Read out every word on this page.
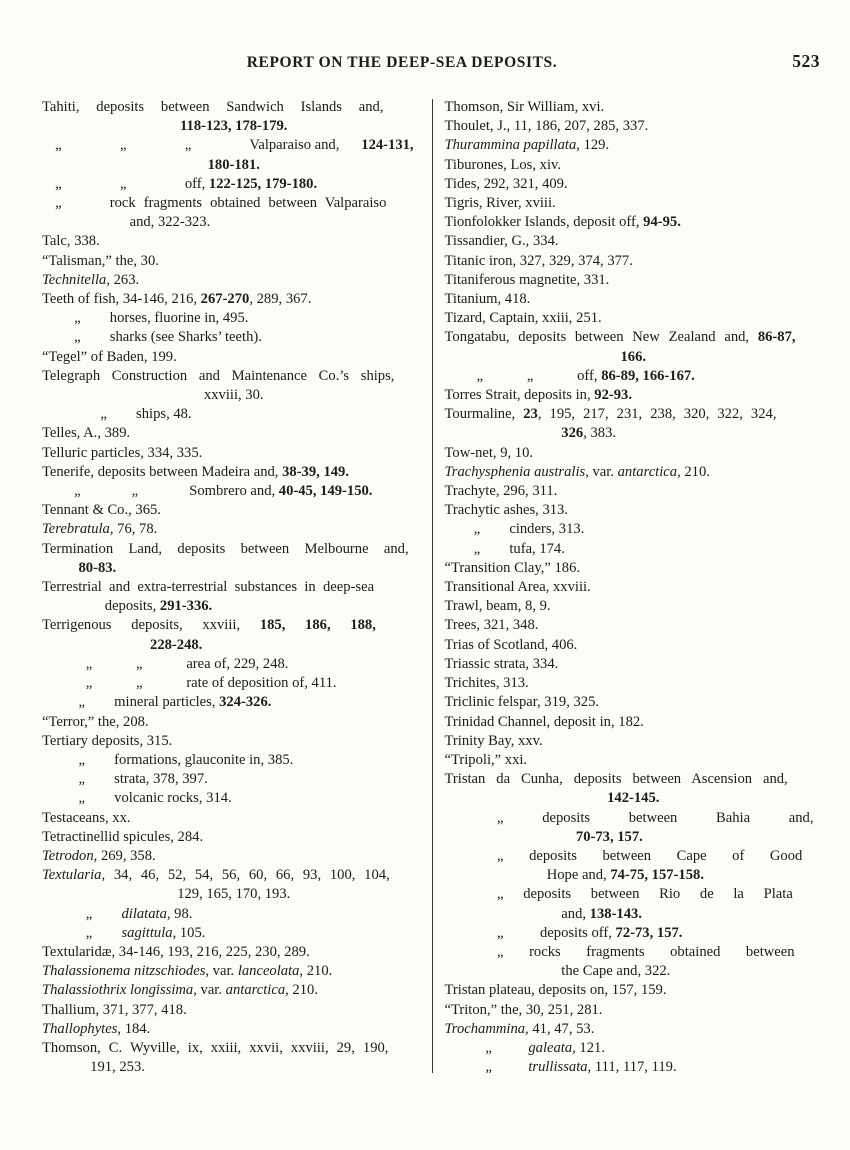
REPORT ON THE DEEP-SEA DEPOSITS.	523
Tahiti, deposits between Sandwich Islands and,
118-123, 178-179.
„                „                „                Valparaiso and,      124-131,
180-181.
„                „                off, 122-125, 179-180.
„      rock fragments obtained between Valparaiso
and, 322-323.
Talc, 338.
“Talisman,” the, 30.
Technitella, 263.
Teeth of fish, 34-146, 216, 267-270, 289, 367.
„        horses, fluorine in, 495.
„        sharks (see Sharks’ teeth).
“Tegel” of Baden, 199.
Telegraph Construction and Maintenance Co.’s ships,
xxviii, 30.
„        ships, 48.
Telles, A., 389.
Telluric particles, 334, 335.
Tenerife, deposits between Madeira and, 38-39, 149.
„              „              Sombrero and, 40-45, 149-150.
Tennant & Co., 365.
Terebratula, 76, 78.
Termination Land, deposits between Melbourne and,
80-83.
Terrestrial and extra-terrestrial substances in deep-sea
deposits, 291-336.
Terrigenous deposits, xxviii, 185, 186, 188,
228-248.
„            „            area of, 229, 248.
„            „            rate of deposition of, 411.
„        mineral particles, 324-326.
“Terror,” the, 208.
Tertiary deposits, 315.
„        formations, glauconite in, 385.
„        strata, 378, 397.
„        volcanic rocks, 314.
Testaceans, xx.
Tetractinellid spicules, 284.
Tetrodon, 269, 358.
Textularia, 34, 46, 52, 54, 56, 60, 66, 93, 100, 104,
129, 165, 170, 193.
„        dilatata, 98.
„        sagittula, 105.
Textularidæ, 34-146, 193, 216, 225, 230, 289.
Thalassionema nitzschiodes, var. lanceolata, 210.
Thalassiothrix longissima, var. antarctica, 210.
Thallium, 371, 377, 418.
Thallophytes, 184.
Thomson, C. Wyville, ix, xxiii, xxvii, xxviii, 29, 190,
191, 253.
Thomson, Sir William, xvi.
Thoulet, J., 11, 186, 207, 285, 337.
Thurammina papillata, 129.
Tiburones, Los, xiv.
Tides, 292, 321, 409.
Tigris, River, xviii.
Tionfolokker Islands, deposit off, 94-95.
Tissandier, G., 334.
Titanic iron, 327, 329, 374, 377.
Titaniferous magnetite, 331.
Titanium, 418.
Tizard, Captain, xxiii, 251.
Tongatabu, deposits between New Zealand and, 86-87,
166.
„            „            off, 86-89, 166-167.
Torres Strait, deposits in, 92-93.
Tourmaline, 23, 195, 217, 231, 238, 320, 322, 324,
326, 383.
Tow-net, 9, 10.
Trachysphenia australis, var. antarctica, 210.
Trachyte, 296, 311.
Trachytic ashes, 313.
„        cinders, 313.
„        tufa, 174.
“Transition Clay,” 186.
Transitional Area, xxviii.
Trawl, beam, 8, 9.
Trees, 321, 348.
Trias of Scotland, 406.
Triassic strata, 334.
Trichites, 313.
Triclinic felspar, 319, 325.
Trinidad Channel, deposit in, 182.
Trinity Bay, xxv.
“Tripoli,” xxi.
Tristan da Cunha, deposits between Ascension and,
142-145.
„ deposits between Bahia and,
70-73, 157.
„ deposits between Cape of Good
Hope and, 74-75, 157-158.
„ deposits between Rio de la Plata
and, 138-143.
„          deposits off, 72-73, 157.
„ rocks fragments obtained between
the Cape and, 322.
Tristan plateau, deposits on, 157, 159.
“Triton,” the, 30, 251, 281.
Trochammina, 41, 47, 53.
„          galeata, 121.
„          trullissata, 111, 117, 119.
